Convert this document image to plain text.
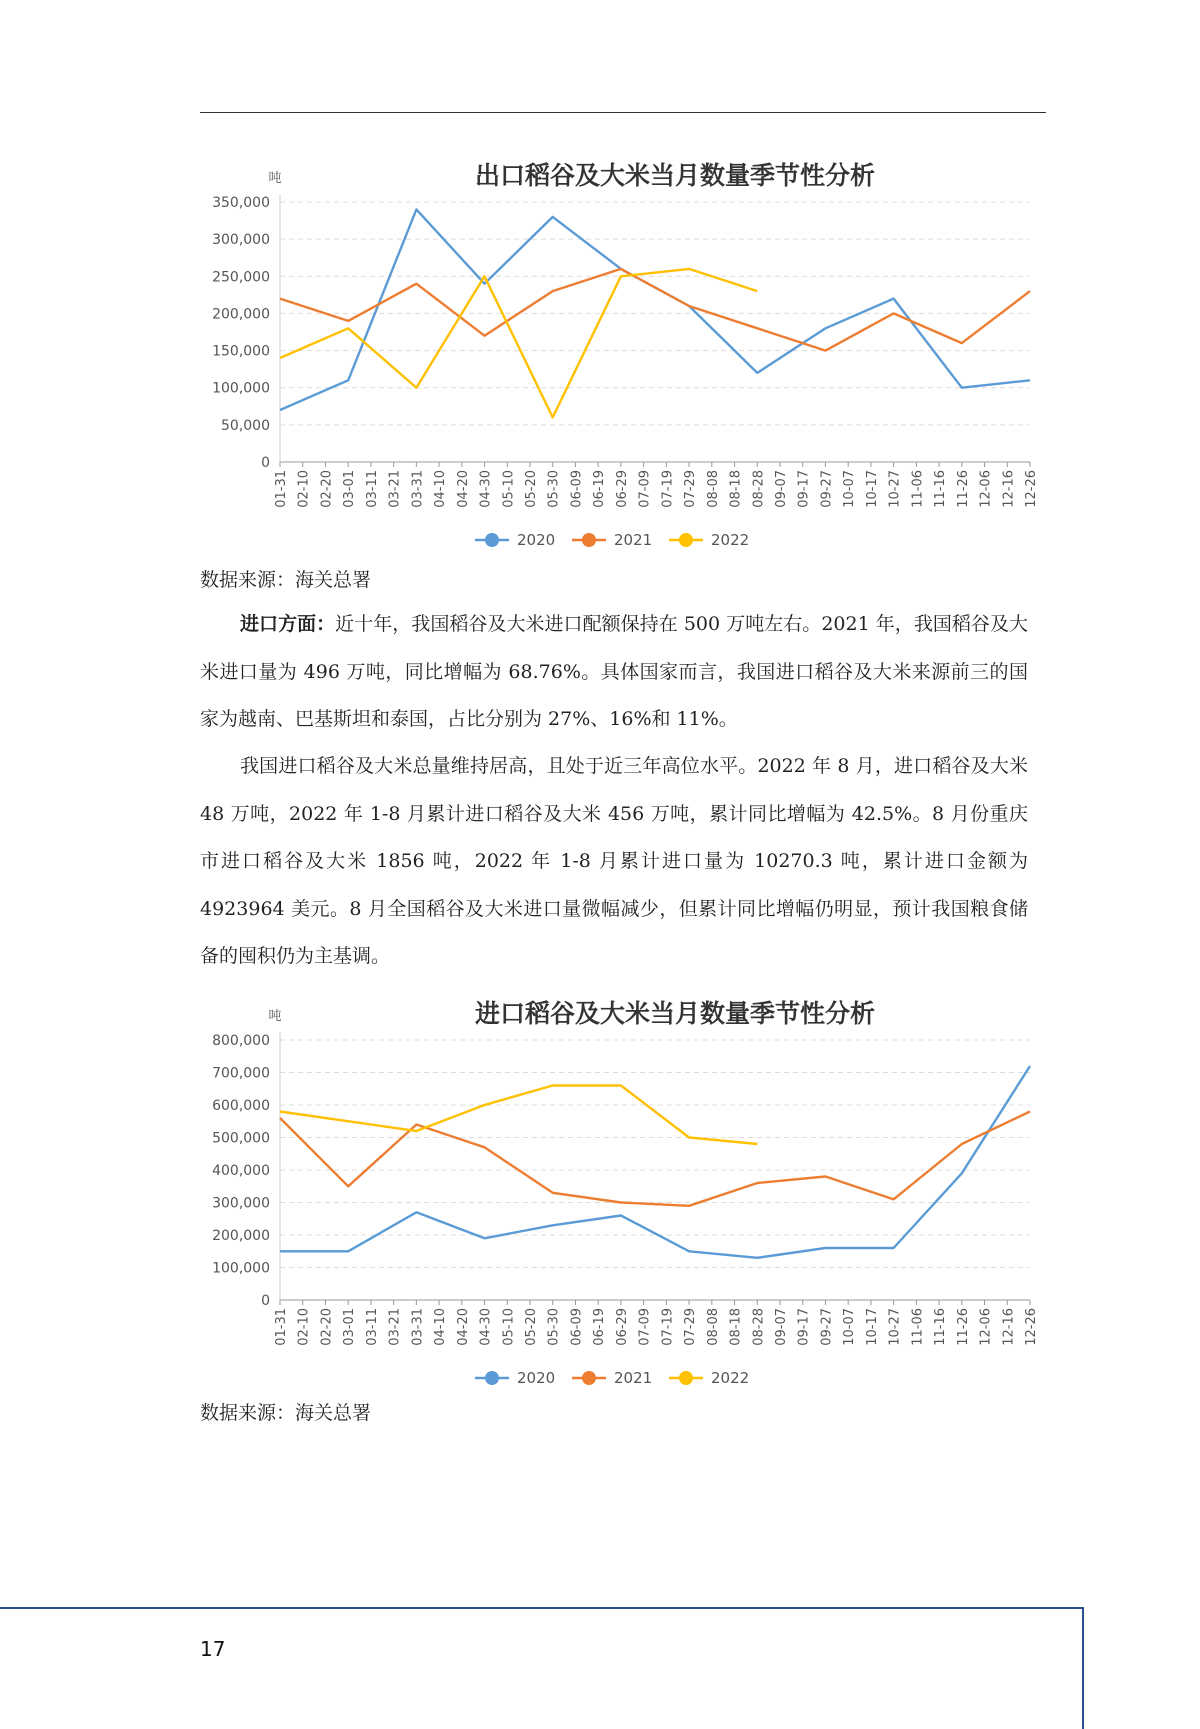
出口稻谷及大米当月数量季节性分析
吨
0
50,000
100,000
150,000
200,000
250,000
300,000
350,000
01-31 02-10 02-20 03-01 03-11 03-21 03-31 04-10 04-20 04-30 05-10 05-20 05-30 06-09 06-19 06-29 07-09 07-19 07-29 08-08 08-18 08-28 09-07 09-17 09-27 10-07 10-17 10-27 11-06 11-16 11-26 12-06 12-16 12-26
2020	2021	2022
数据来源：海关总署

进口方面：近十年，我国稻谷及大米进口配额保持在 500 万吨左右。2021 年，我国稻谷及大米进口量为 496 万吨，同比增幅为 68.76%。具体国家而言，我国进口稻谷及大米来源前三的国家为越南、巴基斯坦和泰国，占比分别为 27%、16%和 11%。

我国进口稻谷及大米总量维持居高，且处于近三年高位水平。2022 年 8 月，进口稻谷及大米 48 万吨，2022 年 1-8 月累计进口稻谷及大米 456 万吨，累计同比增幅为 42.5%。8 月份重庆市进口稻谷及大米 1856 吨，2022 年 1-8 月累计进口量为 10270.3 吨，累计进口金额为 4923964 美元。8 月全国稻谷及大米进口量微幅减少，但累计同比增幅仍明显，预计我国粮食储备的囤积仍为主基调。

进口稻谷及大米当月数量季节性分析
吨
0
100,000
200,000
300,000
400,000
500,000
600,000
700,000
800,000
01-31 02-10 02-20 03-01 03-11 03-21 03-31 04-10 04-20 04-30 05-10 05-20 05-30 06-09 06-19 06-29 07-09 07-19 07-29 08-08 08-18 08-28 09-07 09-17 09-27 10-07 10-17 10-27 11-06 11-16 11-26 12-06 12-16 12-26
2020	2021	2022
数据来源：海关总署
17
